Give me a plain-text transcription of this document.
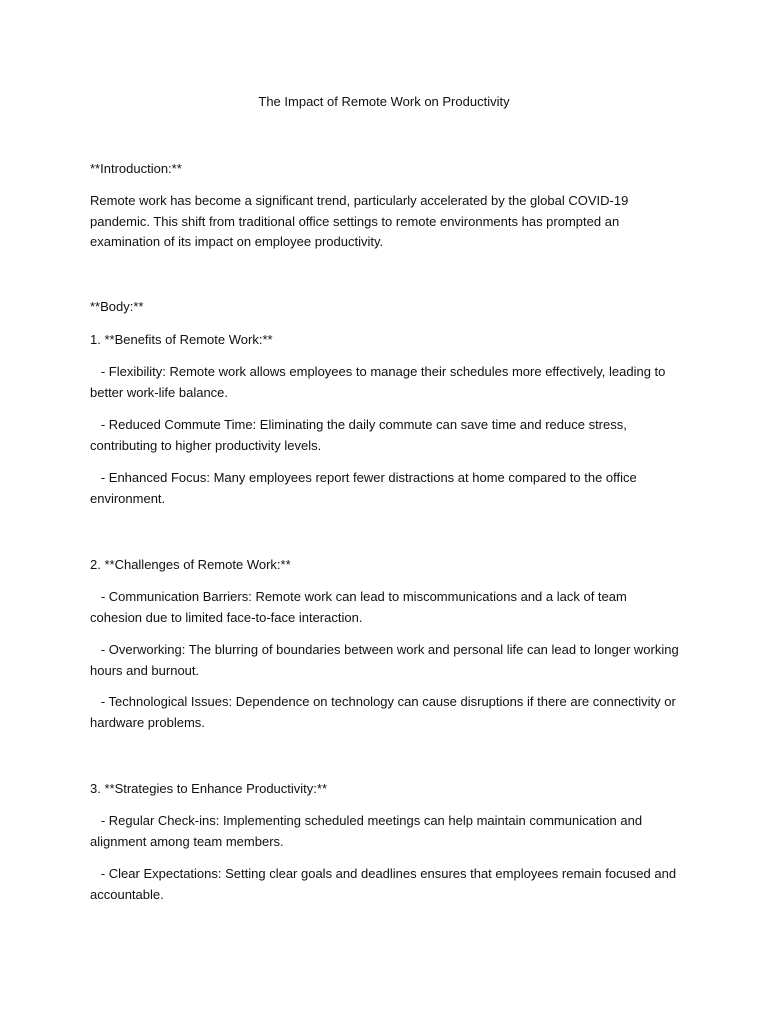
The Impact of Remote Work on Productivity

**Introduction:**

Remote work has become a significant trend, particularly accelerated by the global COVID-19 pandemic. This shift from traditional office settings to remote environments has prompted an examination of its impact on employee productivity.

**Body:**

1. **Benefits of Remote Work:**

- Flexibility: Remote work allows employees to manage their schedules more effectively, leading to better work-life balance.

- Reduced Commute Time: Eliminating the daily commute can save time and reduce stress, contributing to higher productivity levels.

- Enhanced Focus: Many employees report fewer distractions at home compared to the office environment.

2. **Challenges of Remote Work:**

- Communication Barriers: Remote work can lead to miscommunications and a lack of team cohesion due to limited face-to-face interaction.

- Overworking: The blurring of boundaries between work and personal life can lead to longer working hours and burnout.

- Technological Issues: Dependence on technology can cause disruptions if there are connectivity or hardware problems.

3. **Strategies to Enhance Productivity:**

- Regular Check-ins: Implementing scheduled meetings can help maintain communication and alignment among team members.

- Clear Expectations: Setting clear goals and deadlines ensures that employees remain focused and accountable.
